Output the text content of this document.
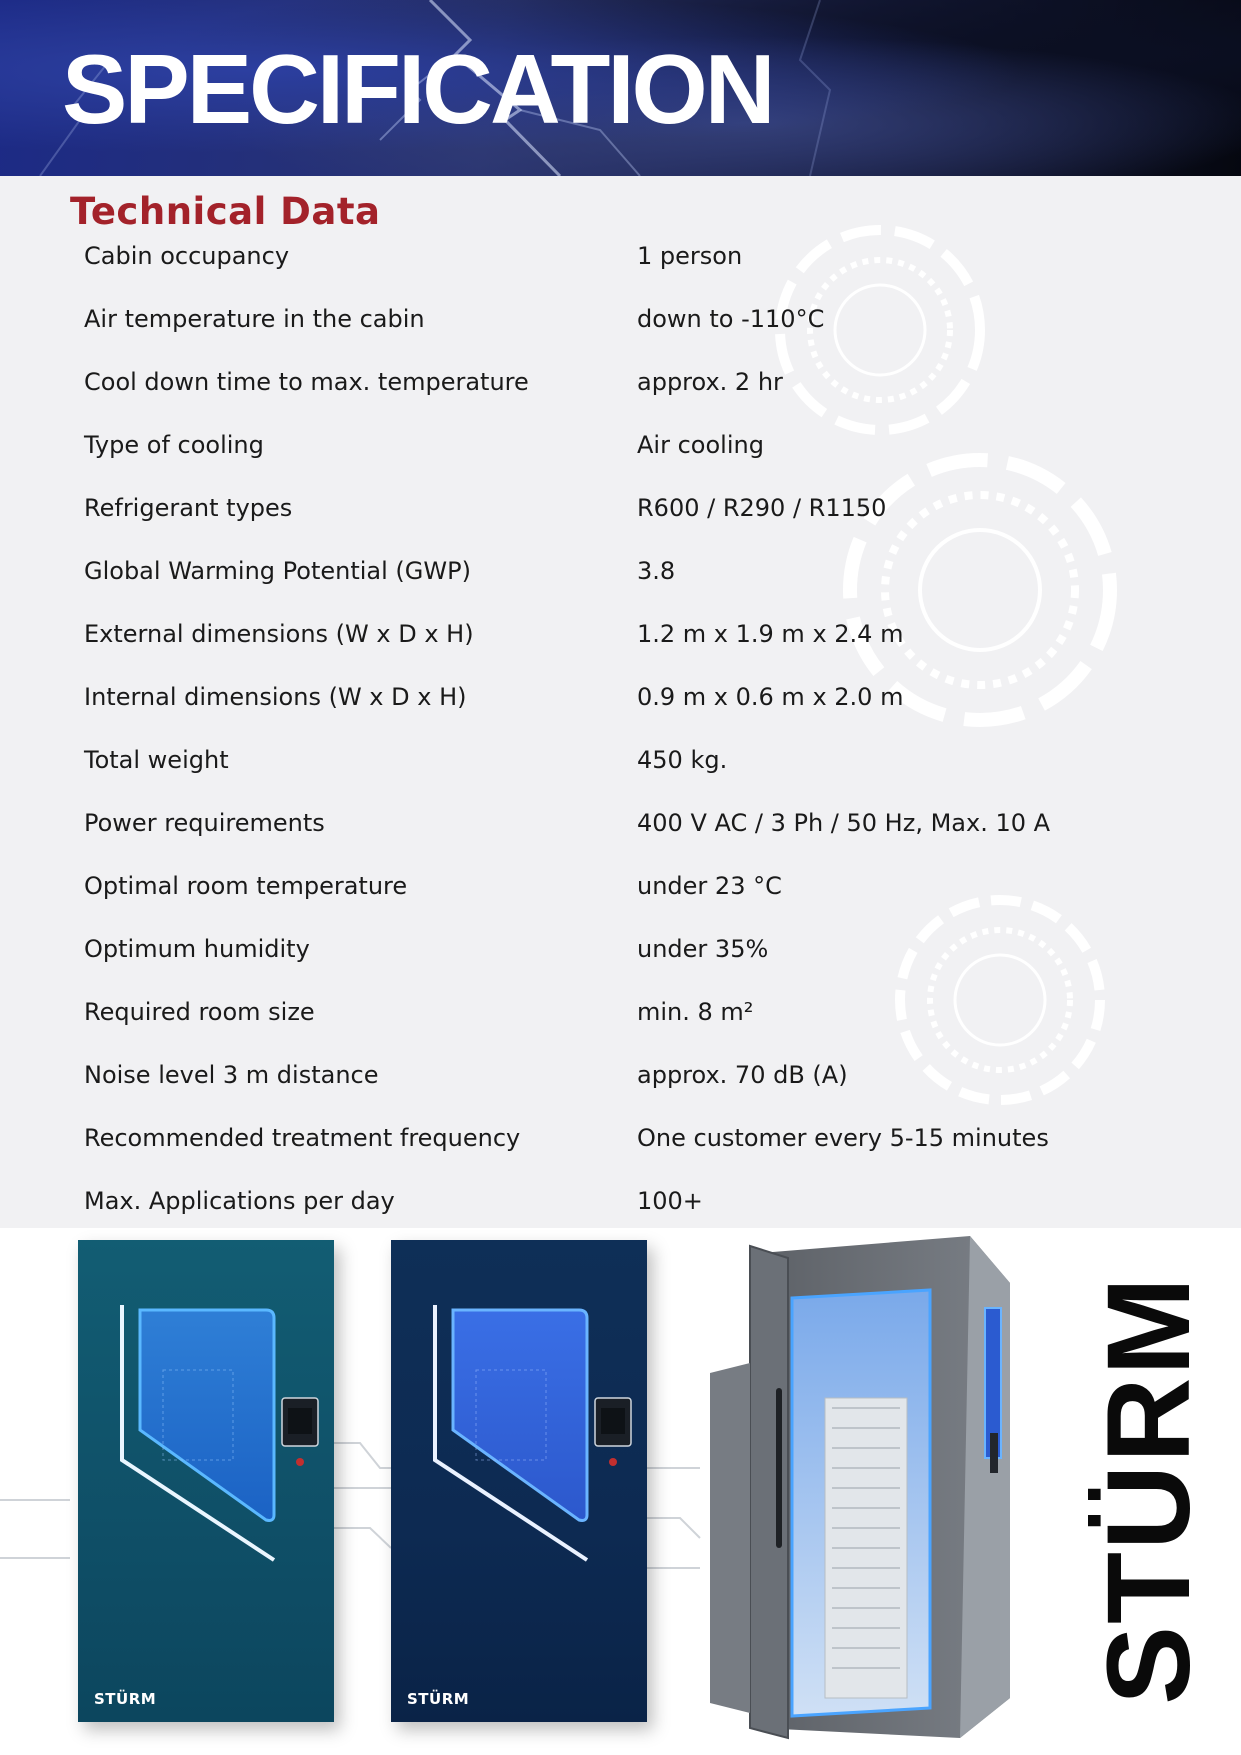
SPECIFICATION
Technical Data
Cabin occupancy	1 person
Air temperature in the cabin	down to -110°C
Cool down time to max. temperature	approx. 2 hr
Type of cooling	Air cooling
Refrigerant types	R600 / R290 / R1150
Global Warming Potential (GWP)	3.8
External dimensions (W x D x H)	1.2 m x 1.9 m x 2.4 m
Internal dimensions (W x D x H)	0.9 m x 0.6 m x 2.0 m
Total weight	450 kg.
Power requirements	400 V AC / 3 Ph / 50 Hz, Max. 10 A
Optimal room temperature	under 23 °C
Optimum humidity	under 35%
Required room size	min. 8 m²
Noise level 3 m distance	approx. 70 dB (A)
Recommended treatment frequency	One customer every 5-15 minutes
Max. Applications per day	100+
STÜRM	STÜRM	STÜRM
